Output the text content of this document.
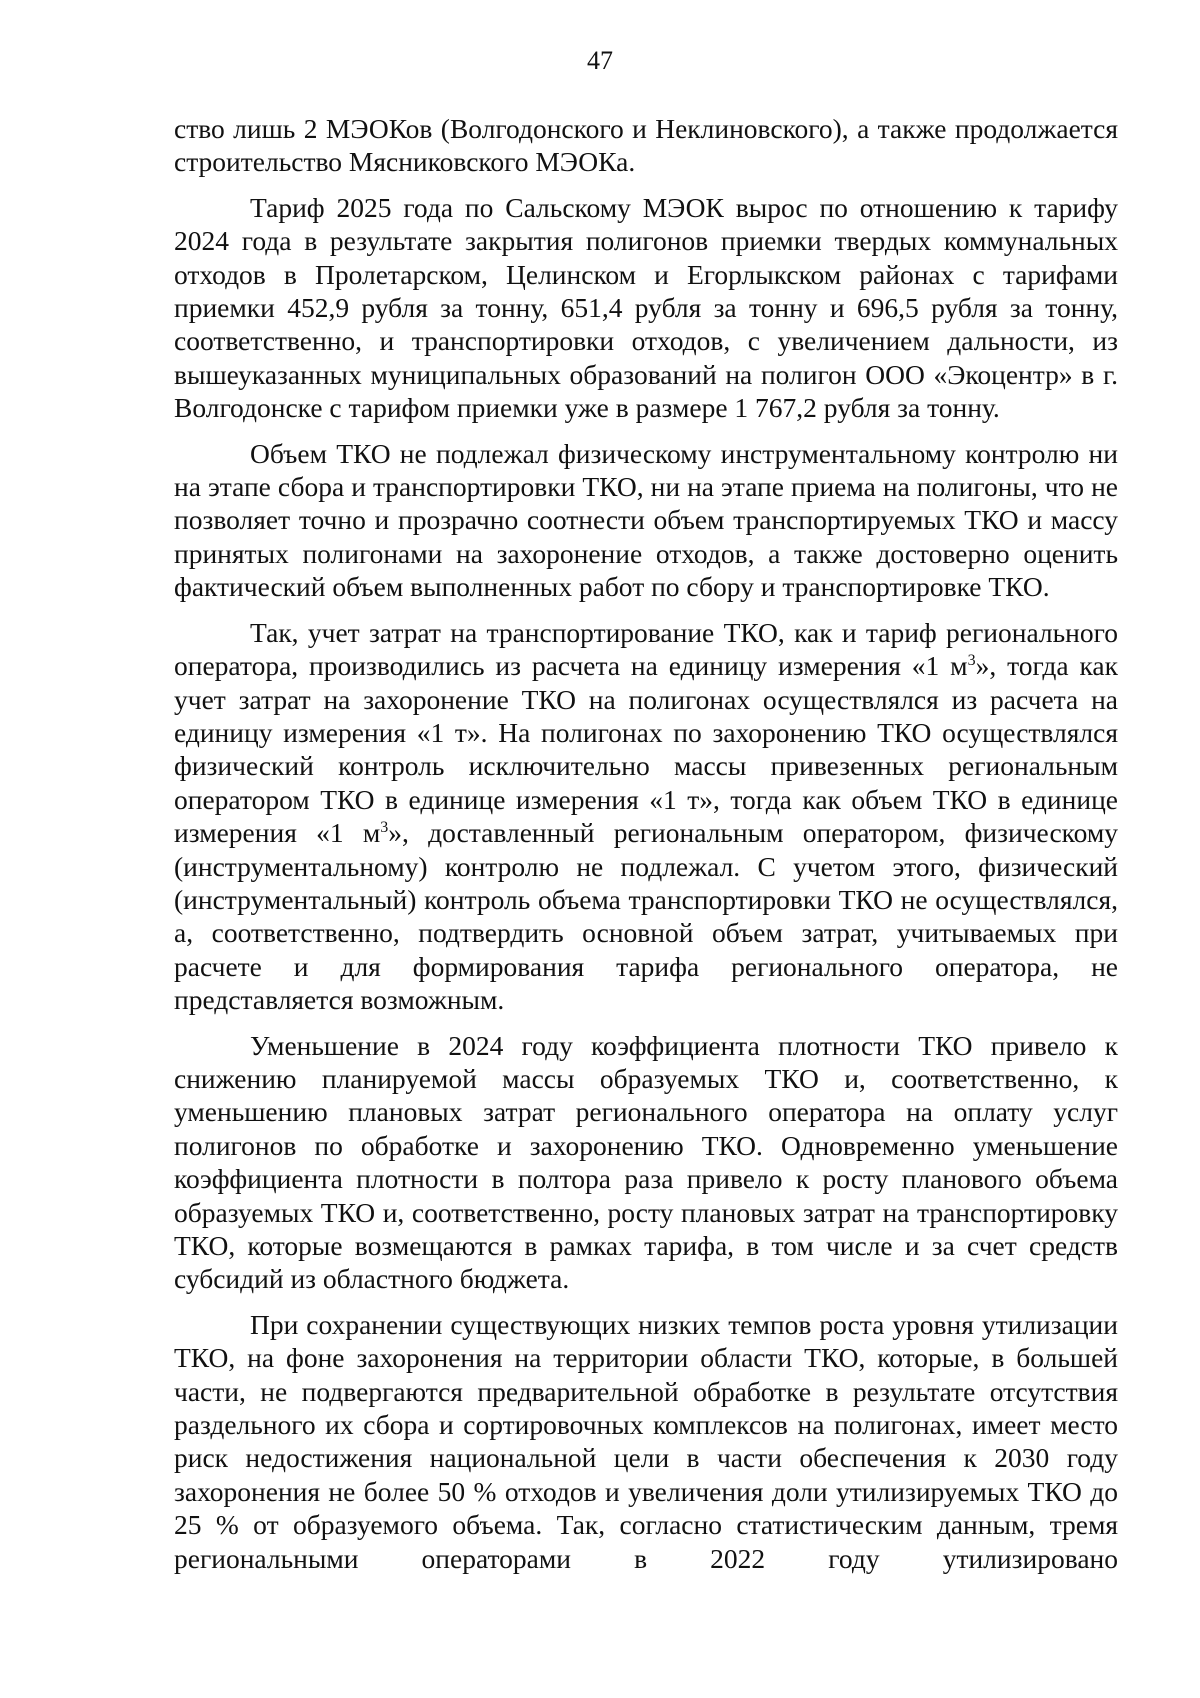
47

ство лишь 2 МЭОКов (Волгодонского и Неклиновского), а также продолжается строительство Мясниковского МЭОКа.

Тариф 2025 года по Сальскому МЭОК вырос по отношению к тарифу 2024 года в результате закрытия полигонов приемки твердых коммунальных отходов в Пролетарском, Целинском и Егорлыкском районах с тарифами приемки 452,9 рубля за тонну, 651,4 рубля за тонну и 696,5 рубля за тонну, соответственно, и транспортировки отходов, с увеличением дальности, из вышеуказанных муниципальных образований на полигон ООО «Экоцентр» в г. Волгодонске с тарифом приемки уже в размере 1 767,2 рубля за тонну.

Объем ТКО не подлежал физическому инструментальному контролю ни на этапе сбора и транспортировки ТКО, ни на этапе приема на полигоны, что не позволяет точно и прозрачно соотнести объем транспортируемых ТКО и массу принятых полигонами на захоронение отходов, а также достоверно оценить фактический объем выполненных работ по сбору и транспортировке ТКО.

Так, учет затрат на транспортирование ТКО, как и тариф регионального оператора, производились из расчета на единицу измерения «1 $м^3$», тогда как учет затрат на захоронение ТКО на полигонах осуществлялся из расчета на единицу измерения «1 т». На полигонах по захоронению ТКО осуществлялся физический контроль исключительно массы привезенных региональным оператором ТКО в единице измерения «1 т», тогда как объем ТКО в единице измерения «1 $м^3$», доставленный региональным оператором, физическому (инструментальному) контролю не подлежал. С учетом этого, физический (инструментальный) контроль объема транспортировки ТКО не осуществлялся, а, соответственно, подтвердить основной объем затрат, учитываемых при расчете и для формирования тарифа регионального оператора, не представляется возможным.

Уменьшение в 2024 году коэффициента плотности ТКО привело к снижению планируемой массы образуемых ТКО и, соответственно, к уменьшению плановых затрат регионального оператора на оплату услуг полигонов по обработке и захоронению ТКО. Одновременно уменьшение коэффициента плотности в полтора раза привело к росту планового объема образуемых ТКО и, соответственно, росту плановых затрат на транспортировку ТКО, которые возмещаются в рамках тарифа, в том числе и за счет средств субсидий из областного бюджета.

При сохранении существующих низких темпов роста уровня утилизации ТКО, на фоне захоронения на территории области ТКО, которые, в большей части, не подвергаются предварительной обработке в результате отсутствия раздельного их сбора и сортировочных комплексов на полигонах, имеет место риск недостижения национальной цели в части обеспечения к 2030 году захоронения не более 50 % отходов и увеличения доли утилизируемых ТКО до 25 % от образуемого объема. Так, согласно статистическим данным, тремя региональными операторами в 2022 году утилизировано
